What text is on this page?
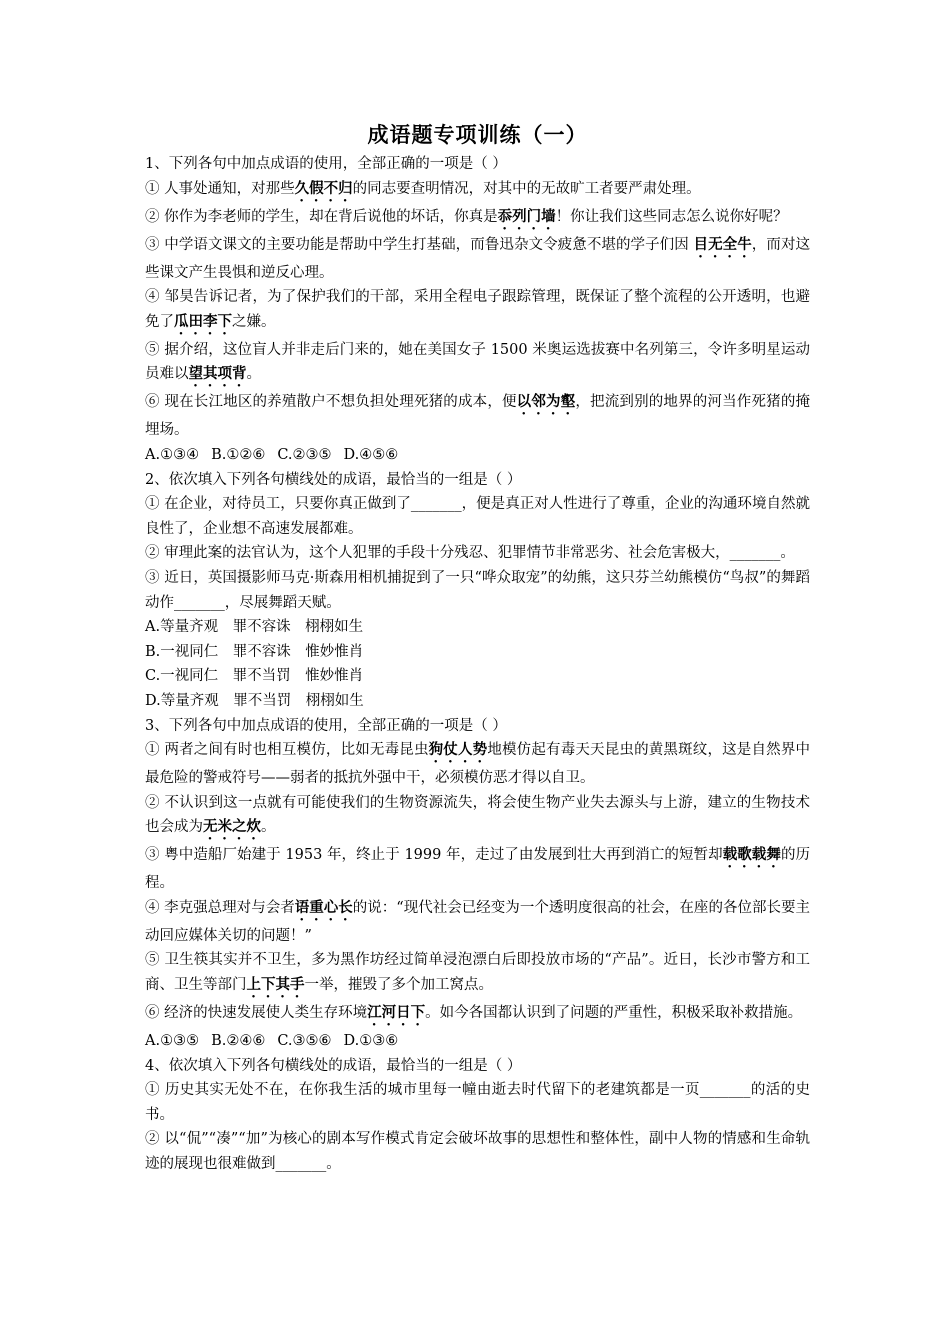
成语题专项训练（一）

1、下列各句中加点成语的使用，全部正确的一项是（ ）

① 人事处通知，对那些久假不归的同志要查明情况，对其中的无故旷工者要严肃处理。

② 你作为李老师的学生，却在背后说他的坏话，你真是忝列门墙！你让我们这些同志怎么说你好呢？

③ 中学语文课文的主要功能是帮助中学生打基础，而鲁迅杂文令疲惫不堪的学子们因 目无全牛，而对这些课文产生畏惧和逆反心理。

④ 邹昊告诉记者，为了保护我们的干部，采用全程电子跟踪管理，既保证了整个流程的公开透明，也避免了瓜田李下之嫌。

⑤ 据介绍，这位盲人并非走后门来的，她在美国女子 1500 米奥运选拔赛中名列第三，令许多明星运动员难以望其项背。

⑥ 现在长江地区的养殖散户不想负担处理死猪的成本，便以邻为壑，把流到别的地界的河当作死猪的掩埋场。

A.①③④ B.①②⑥ C.②③⑤ D.④⑤⑥

2、依次填入下列各句横线处的成语，最恰当的一组是（ ）

① 在企业，对待员工，只要你真正做到了_______，便是真正对人性进行了尊重，企业的沟通环境自然就良性了，企业想不高速发展都难。

② 审理此案的法官认为，这个人犯罪的手段十分残忍、犯罪情节非常恶劣、社会危害极大，_______。

③ 近日，英国摄影师马克·斯森用相机捕捉到了一只“哗众取宠”的幼熊，这只芬兰幼熊模仿“鸟叔”的舞蹈动作_______，尽展舞蹈天赋。

A.等量齐观　罪不容诛　栩栩如生

B.一视同仁　罪不容诛　惟妙惟肖

C.一视同仁　罪不当罚　惟妙惟肖

D.等量齐观　罪不当罚　栩栩如生

3、下列各句中加点成语的使用，全部正确的一项是（ ）

① 两者之间有时也相互模仿，比如无毒昆虫狗仗人势地模仿起有毒天天昆虫的黄黑斑纹，这是自然界中最危险的警戒符号——弱者的抵抗外强中干，必须模仿恶才得以自卫。

② 不认识到这一点就有可能使我们的生物资源流失，将会使生物产业失去源头与上游，建立的生物技术也会成为无米之炊。

③ 粤中造船厂始建于 1953 年，终止于 1999 年，走过了由发展到壮大再到消亡的短暂却载歌载舞的历程。

④ 李克强总理对与会者语重心长的说：“现代社会已经变为一个透明度很高的社会，在座的各位部长要主动回应媒体关切的问题！”

⑤ 卫生筷其实并不卫生，多为黑作坊经过简单浸泡漂白后即投放市场的“产品”。近日，长沙市警方和工商、卫生等部门上下其手一举，摧毁了多个加工窝点。

⑥ 经济的快速发展使人类生存环境江河日下。如今各国都认识到了问题的严重性，积极采取补救措施。

A.①③⑤ B.②④⑥ C.③⑤⑥ D.①③⑥

4、依次填入下列各句横线处的成语，最恰当的一组是（ ）

① 历史其实无处不在，在你我生活的城市里每一幢由逝去时代留下的老建筑都是一页_______的活的史书。

② 以“侃”“凑”“加”为核心的剧本写作模式肯定会破坏故事的思想性和整体性，副中人物的情感和生命轨迹的展现也很难做到_______。
